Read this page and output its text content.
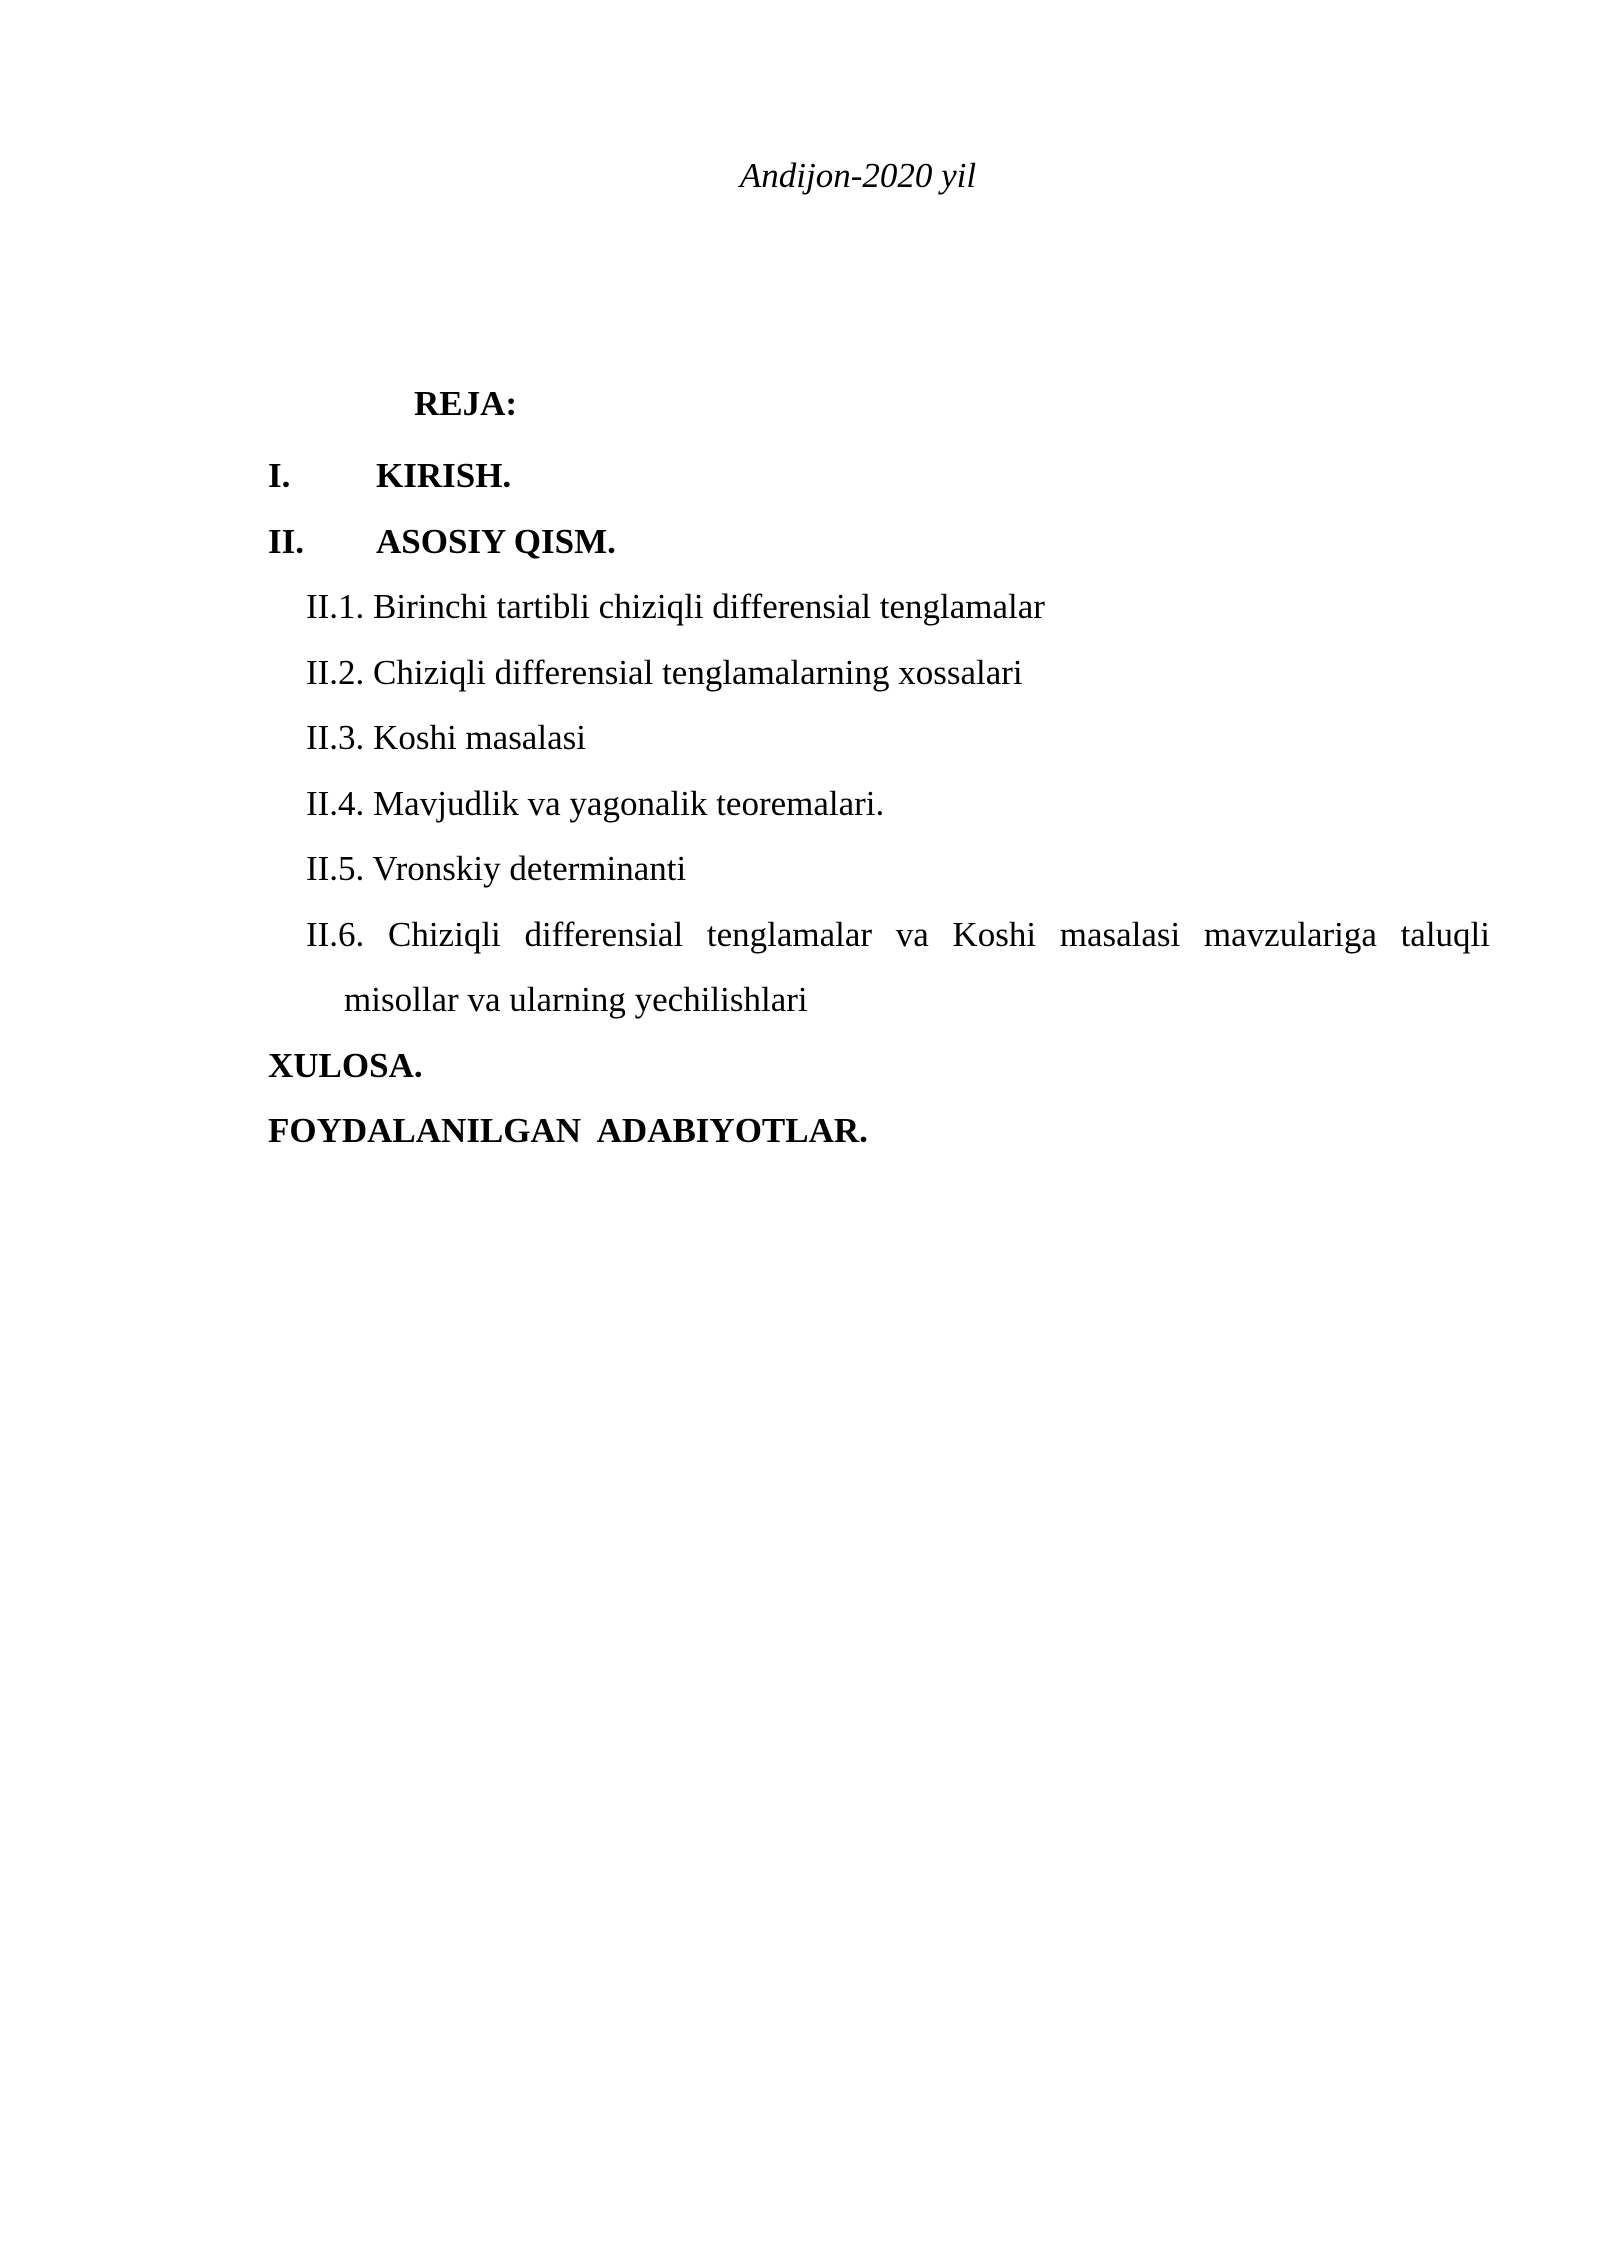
Andijon-2020 yil

REJA:
I.	KIRISH.
II.	ASOSIY QISM.
II.1. Birinchi tartibli chiziqli differensial tenglamalar
II.2. Chiziqli differensial tenglamalarning xossalari
II.3. Koshi masalasi
II.4. Mavjudlik va yagonalik teoremalari.
II.5. Vronskiy determinanti
II.6. Chiziqli differensial tenglamalar va Koshi masalasi mavzulariga taluqli
misollar va ularning yechilishlari
XULOSA.
FOYDALANILGAN  ADABIYOTLAR.
